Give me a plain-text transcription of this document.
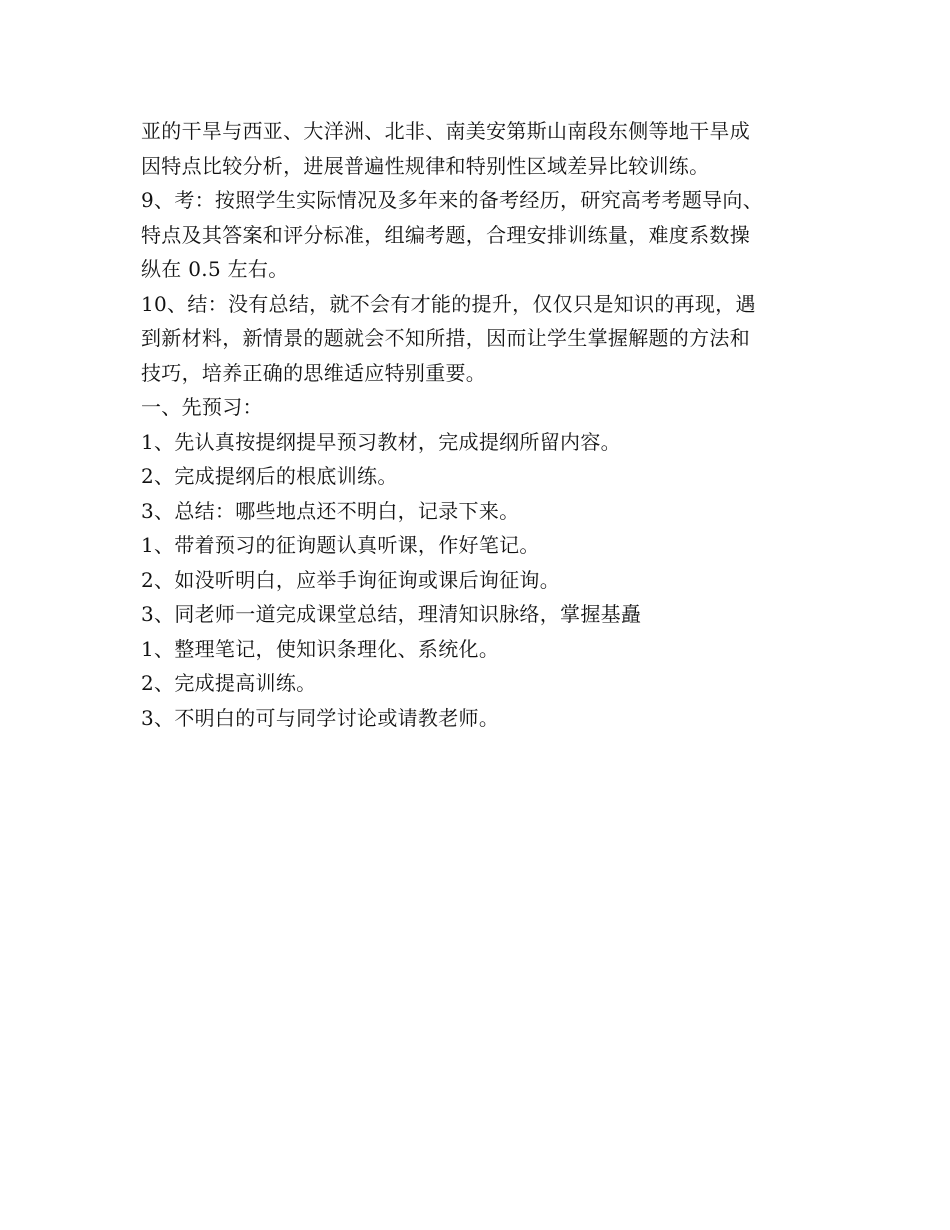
亚的干旱与西亚、大洋洲、北非、南美安第斯山南段东侧等地干旱成
因特点比较分析，进展普遍性规律和特别性区域差异比较训练。
9、考：按照学生实际情况及多年来的备考经历，研究高考考题导向、
特点及其答案和评分标准，组编考题，合理安排训练量，难度系数操
纵在 0.5 左右。
10、结：没有总结，就不会有才能的提升，仅仅只是知识的再现，遇
到新材料，新情景的题就会不知所措，因而让学生掌握解题的方法和
技巧，培养正确的思维适应特别重要。
一、先预习：
1、先认真按提纲提早预习教材，完成提纲所留内容。
2、完成提纲后的根底训练。
3、总结：哪些地点还不明白，记录下来。
1、带着预习的征询题认真听课，作好笔记。
2、如没听明白，应举手询征询或课后询征询。
3、同老师一道完成课堂总结，理清知识脉络，掌握基矗
1、整理笔记，使知识条理化、系统化。
2、完成提高训练。
3、不明白的可与同学讨论或请教老师。
